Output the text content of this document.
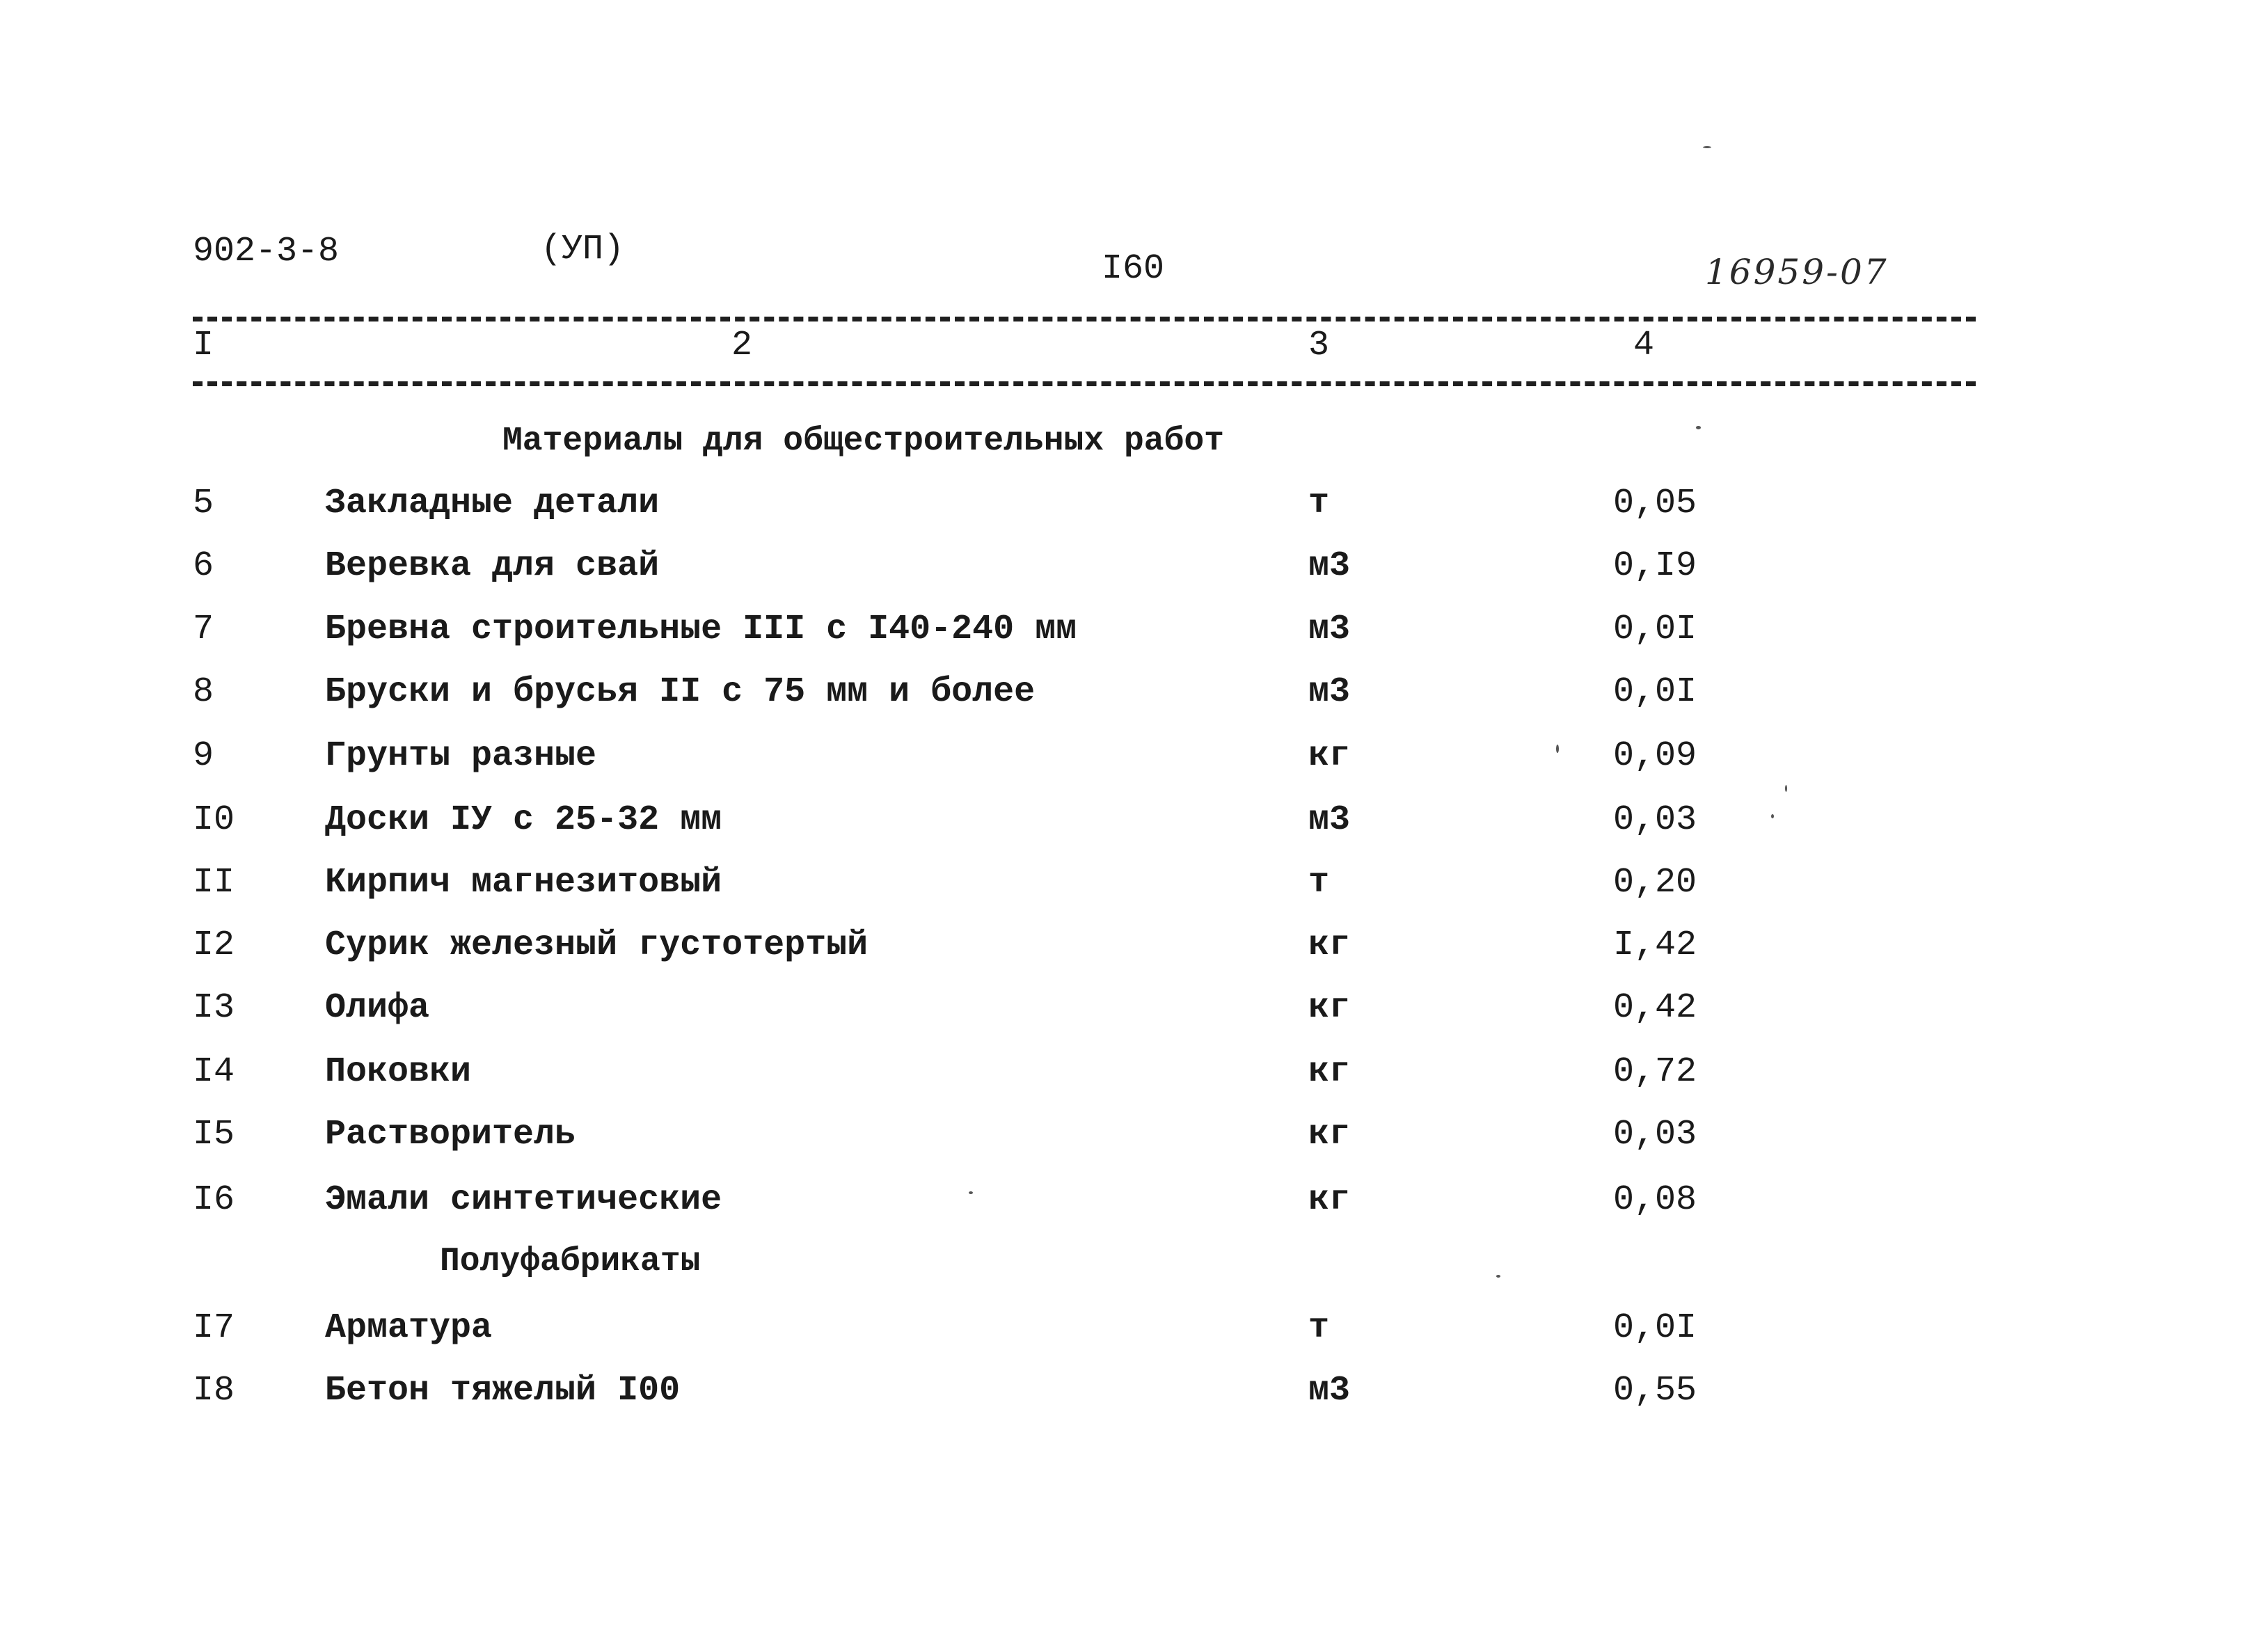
902-3-8	(УП)	I60	16959-07
I	2	3	4
Материалы для общестроительных работ
5	Закладные детали	т	0,05
6	Веревка для свай	м3	0,I9
7	Бревна строительные III с I40-240 мм	м3	0,0I
8	Бруски и брусья II с 75 мм и более	м3	0,0I
9	Грунты разные	кг	0,09
I0	Доски IУ с 25-32 мм	м3	0,03
II	Кирпич магнезитовый	т	0,20
I2	Сурик железный густотертый	кг	I,42
I3	Олифа	кг	0,42
I4	Поковки	кг	0,72
I5	Растворитель	кг	0,03
I6	Эмали синтетические	кг	0,08
Полуфабрикаты
I7	Арматура	т	0,0I
I8	Бетон тяжелый I00	м3	0,55
